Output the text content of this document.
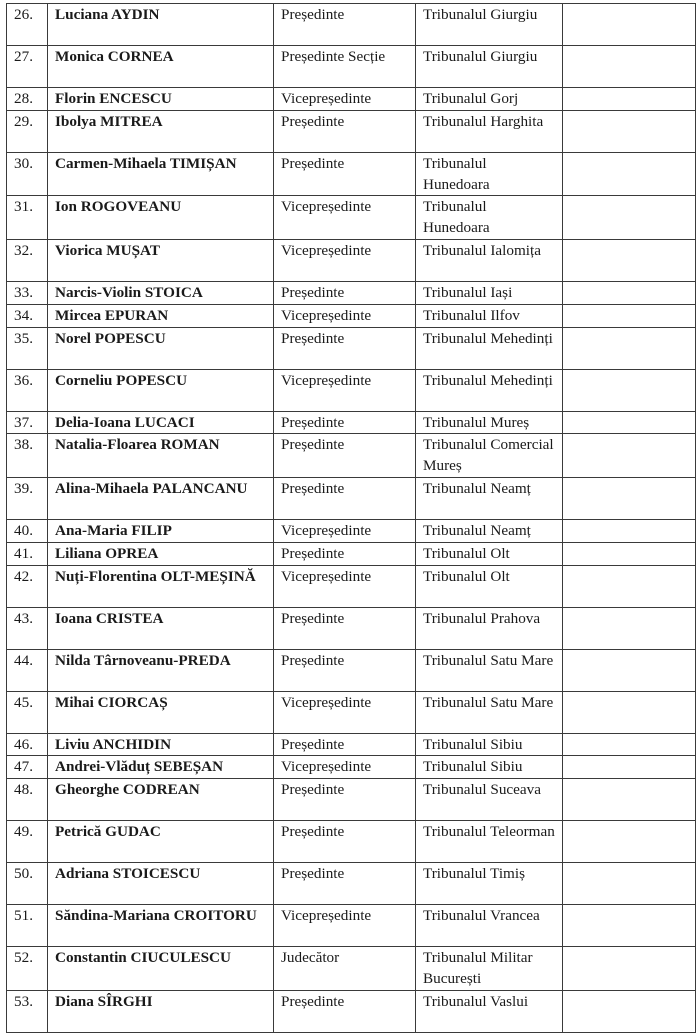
26.	Luciana AYDIN	Președinte	Tribunalul Giurgiu	
27.	Monica CORNEA	Președinte Secție	Tribunalul Giurgiu	
28.	Florin ENCESCU	Vicepreședinte	Tribunalul Gorj	
29.	Ibolya MITREA	Președinte	Tribunalul Harghita	
30.	Carmen-Mihaela TIMIȘAN	Președinte	Tribunalul Hunedoara	
31.	Ion ROGOVEANU	Vicepreședinte	Tribunalul Hunedoara	
32.	Viorica MUȘAT	Vicepreședinte	Tribunalul Ialomița	
33.	Narcis-Violin STOICA	Președinte	Tribunalul Iași	
34.	Mircea EPURAN	Vicepreședinte	Tribunalul Ilfov	
35.	Norel POPESCU	Președinte	Tribunalul Mehedinți	
36.	Corneliu POPESCU	Vicepreședinte	Tribunalul Mehedinți	
37.	Delia-Ioana LUCACI	Președinte	Tribunalul Mureș	
38.	Natalia-Floarea ROMAN	Președinte	Tribunalul Comercial Mureș	
39.	Alina-Mihaela PALANCANU	Președinte	Tribunalul Neamț	
40.	Ana-Maria FILIP	Vicepreședinte	Tribunalul Neamț	
41.	Liliana OPREA	Președinte	Tribunalul Olt	
42.	Nuți-Florentina OLT-MEȘINĂ	Vicepreședinte	Tribunalul Olt	
43.	Ioana CRISTEA	Președinte	Tribunalul Prahova	
44.	Nilda Târnoveanu-PREDA	Președinte	Tribunalul Satu Mare	
45.	Mihai CIORCAȘ	Vicepreședinte	Tribunalul Satu Mare	
46.	Liviu ANCHIDIN	Președinte	Tribunalul Sibiu	
47.	Andrei-Vlăduț SEBEȘAN	Vicepreședinte	Tribunalul Sibiu	
48.	Gheorghe CODREAN	Președinte	Tribunalul Suceava	
49.	Petrică GUDAC	Președinte	Tribunalul Teleorman	
50.	Adriana STOICESCU	Președinte	Tribunalul Timiș	
51.	Săndina-Mariana CROITORU	Vicepreședinte	Tribunalul Vrancea	
52.	Constantin CIUCULESCU	Judecător	Tribunalul Militar București	
53.	Diana SÎRGHI	Președinte	Tribunalul Vaslui	
